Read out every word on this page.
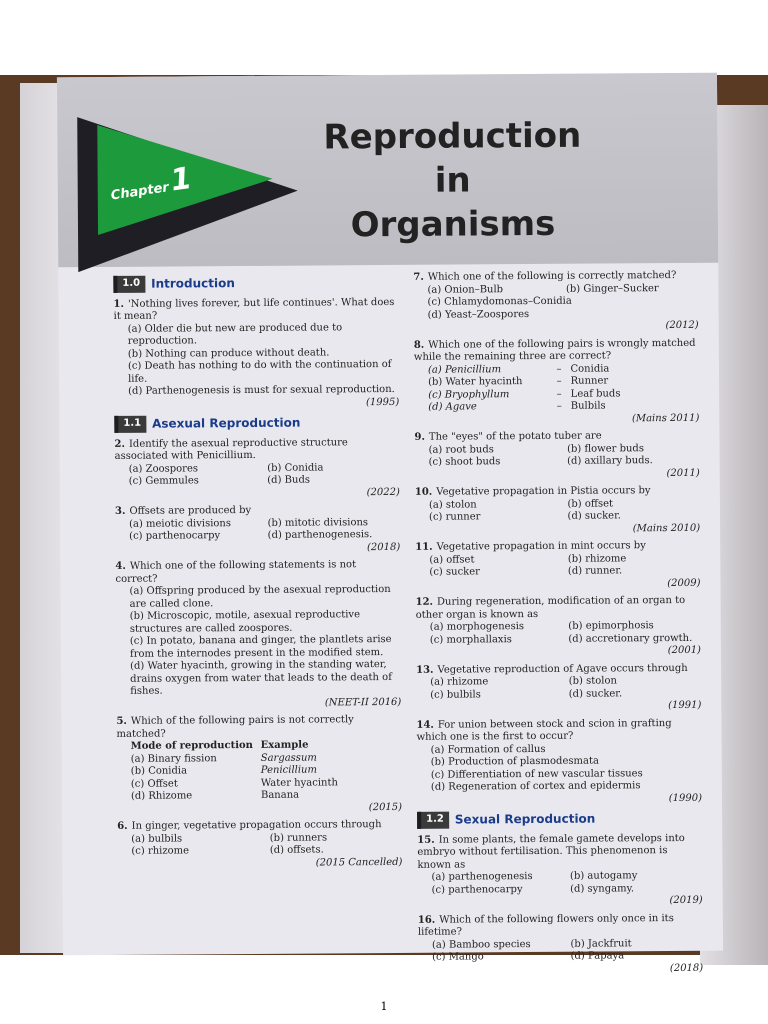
Chapter1
Reproduction in
Organisms
1.0 Introduction
1. 'Nothing lives forever, but life continues'. What does it mean?
(a) Older die but new are produced due to reproduction.
(b) Nothing can produce without death.
(c) Death has nothing to do with the continuation of life.
(d) Parthenogenesis is must for sexual reproduction.
(1995)
1.1 Asexual Reproduction
2. Identify the asexual reproductive structure associated with Penicillium.
(a) Zoospores	(b) Conidia
(c) Gemmules	(d) Buds
(2022)
3. Offsets are produced by
(a) meiotic divisions	(b) mitotic divisions
(c) parthenocarpy	(d) parthenogenesis.
(2018)
4. Which one of the following statements is not correct?
(a) Offspring produced by the asexual reproduction are called clone.
(b) Microscopic, motile, asexual reproductive structures are called zoospores.
(c) In potato, banana and ginger, the plantlets arise from the internodes present in the modified stem.
(d) Water hyacinth, growing in the standing water, drains oxygen from water that leads to the death of fishes.
(NEET-II 2016)
5. Which of the following pairs is not correctly matched?
Mode of reproduction Example
(a) Binary fission	Sargassum
(b) Conidia	Penicillium
(c) Offset	Water hyacinth
(d) Rhizome	Banana
(2015)
6. In ginger, vegetative propagation occurs through
(a) bulbils	(b) runners
(c) rhizome	(d) offsets.
(2015 Cancelled)
7. Which one of the following is correctly matched?
(a) Onion–Bulb	(b) Ginger–Sucker
(c) Chlamydomonas–Conidia
(d) Yeast–Zoospores
(2012)
8. Which one of the following pairs is wrongly matched while the remaining three are correct?
(a) Penicillium	– Conidia
(b) Water hyacinth	– Runner
(c) Bryophyllum	– Leaf buds
(d) Agave	– Bulbils
(Mains 2011)
9. The "eyes" of the potato tuber are
(a) root buds	(b) flower buds
(c) shoot buds	(d) axillary buds.
(2011)
10. Vegetative propagation in Pistia occurs by
(a) stolon	(b) offset
(c) runner	(d) sucker.
(Mains 2010)
11. Vegetative propagation in mint occurs by
(a) offset	(b) rhizome
(c) sucker	(d) runner.
(2009)
12. During regeneration, modification of an organ to other organ is known as
(a) morphogenesis	(b) epimorphosis
(c) morphallaxis	(d) accretionary growth.
(2001)
13. Vegetative reproduction of Agave occurs through
(a) rhizome	(b) stolon
(c) bulbils	(d) sucker.
(1991)
14. For union between stock and scion in grafting which one is the first to occur?
(a) Formation of callus
(b) Production of plasmodesmata
(c) Differentiation of new vascular tissues
(d) Regeneration of cortex and epidermis
(1990)
1.2 Sexual Reproduction
15. In some plants, the female gamete develops into embryo without fertilisation. This phenomenon is known as
(a) parthenogenesis	(b) autogamy
(c) parthenocarpy	(d) syngamy.
(2019)
16. Which of the following flowers only once in its lifetime?
(a) Bamboo species	(b) Jackfruit
(c) Mango	(d) Papaya
(2018)
1
